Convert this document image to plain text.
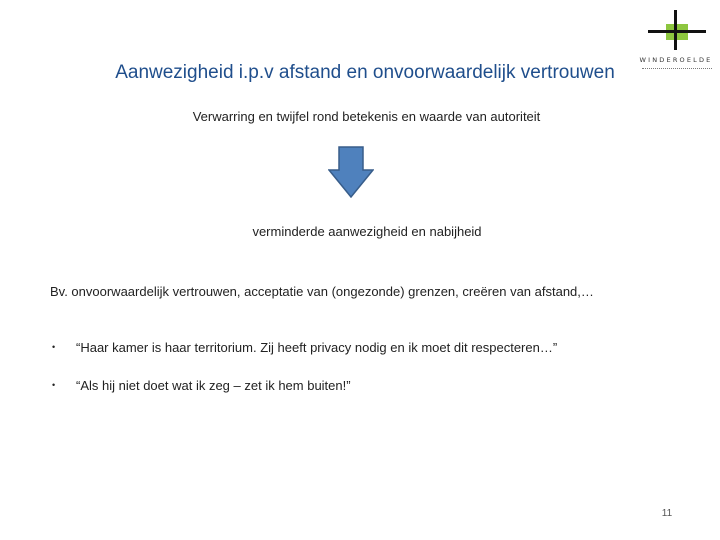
WINDEROELDE
Aanwezigheid i.p.v afstand en onvoorwaardelijk vertrouwen
Verwarring en twijfel rond betekenis en waarde van autoriteit
verminderde aanwezigheid en nabijheid
Bv. onvoorwaardelijk vertrouwen, acceptatie van (ongezonde) grenzen, creëren van afstand,…
• “Haar kamer is haar territorium. Zij heeft privacy nodig en ik moet dit respecteren…”
• “Als hij niet doet wat ik zeg – zet ik hem buiten!”
11
